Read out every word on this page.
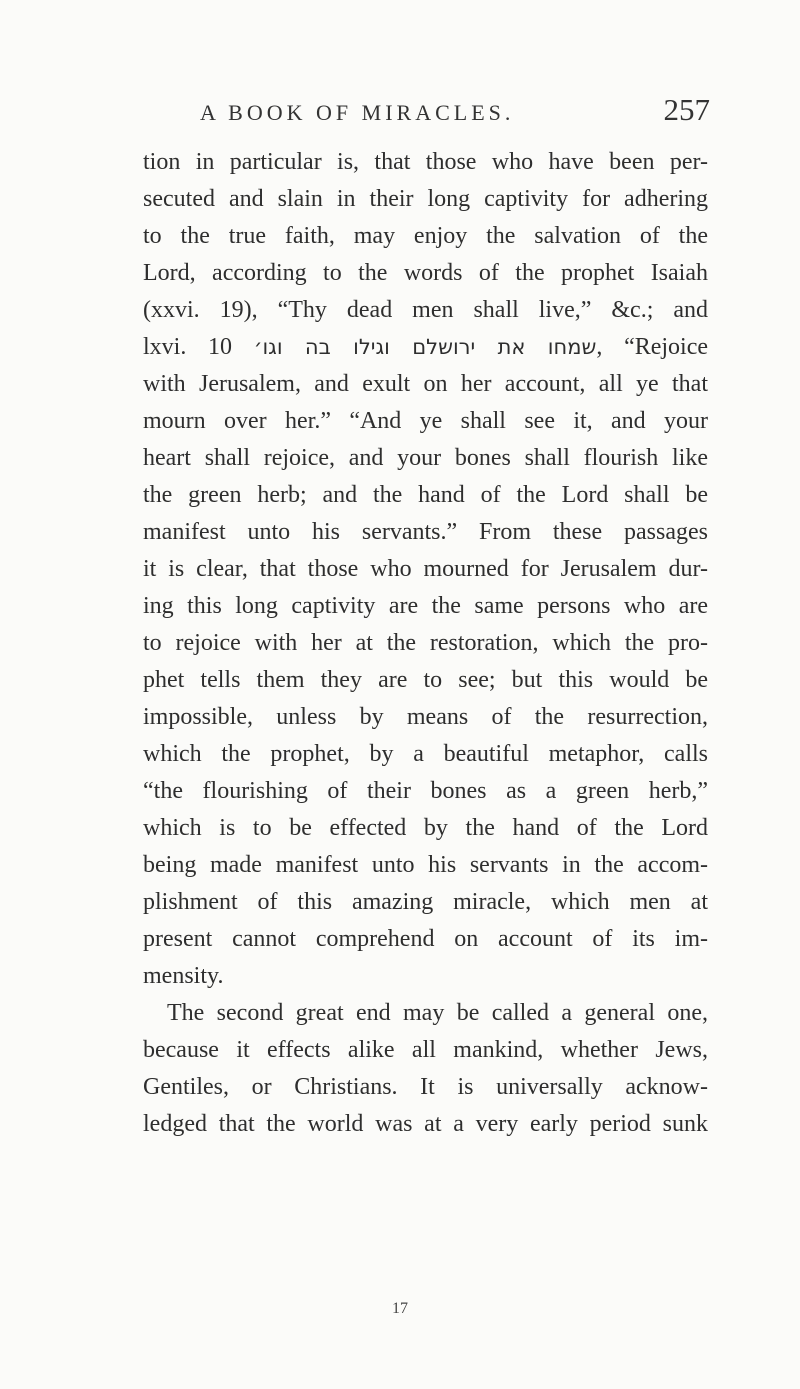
A BOOK OF MIRACLES.	257
tion in particular is, that those who have been per-
secuted and slain in their long captivity for adhering
to the true faith, may enjoy the salvation of the
Lord, according to the words of the prophet Isaiah
(xxvi. 19), “Thy dead men shall live,” &c.; and
lxvi. 10 שמחו את ירושלם וגילו בה וגו׳, “Rejoice
with Jerusalem, and exult on her account, all ye that
mourn over her.” “And ye shall see it, and your
heart shall rejoice, and your bones shall flourish like
the green herb; and the hand of the Lord shall be
manifest unto his servants.” From these passages
it is clear, that those who mourned for Jerusalem dur-
ing this long captivity are the same persons who are
to rejoice with her at the restoration, which the pro-
phet tells them they are to see; but this would be
impossible, unless by means of the resurrection,
which the prophet, by a beautiful metaphor, calls
“the flourishing of their bones as a green herb,”
which is to be effected by the hand of the Lord
being made manifest unto his servants in the accom-
plishment of this amazing miracle, which men at
present cannot comprehend on account of its im-
mensity.
The second great end may be called a general one,
because it effects alike all mankind, whether Jews,
Gentiles, or Christians. It is universally acknow-
ledged that the world was at a very early period sunk
17
